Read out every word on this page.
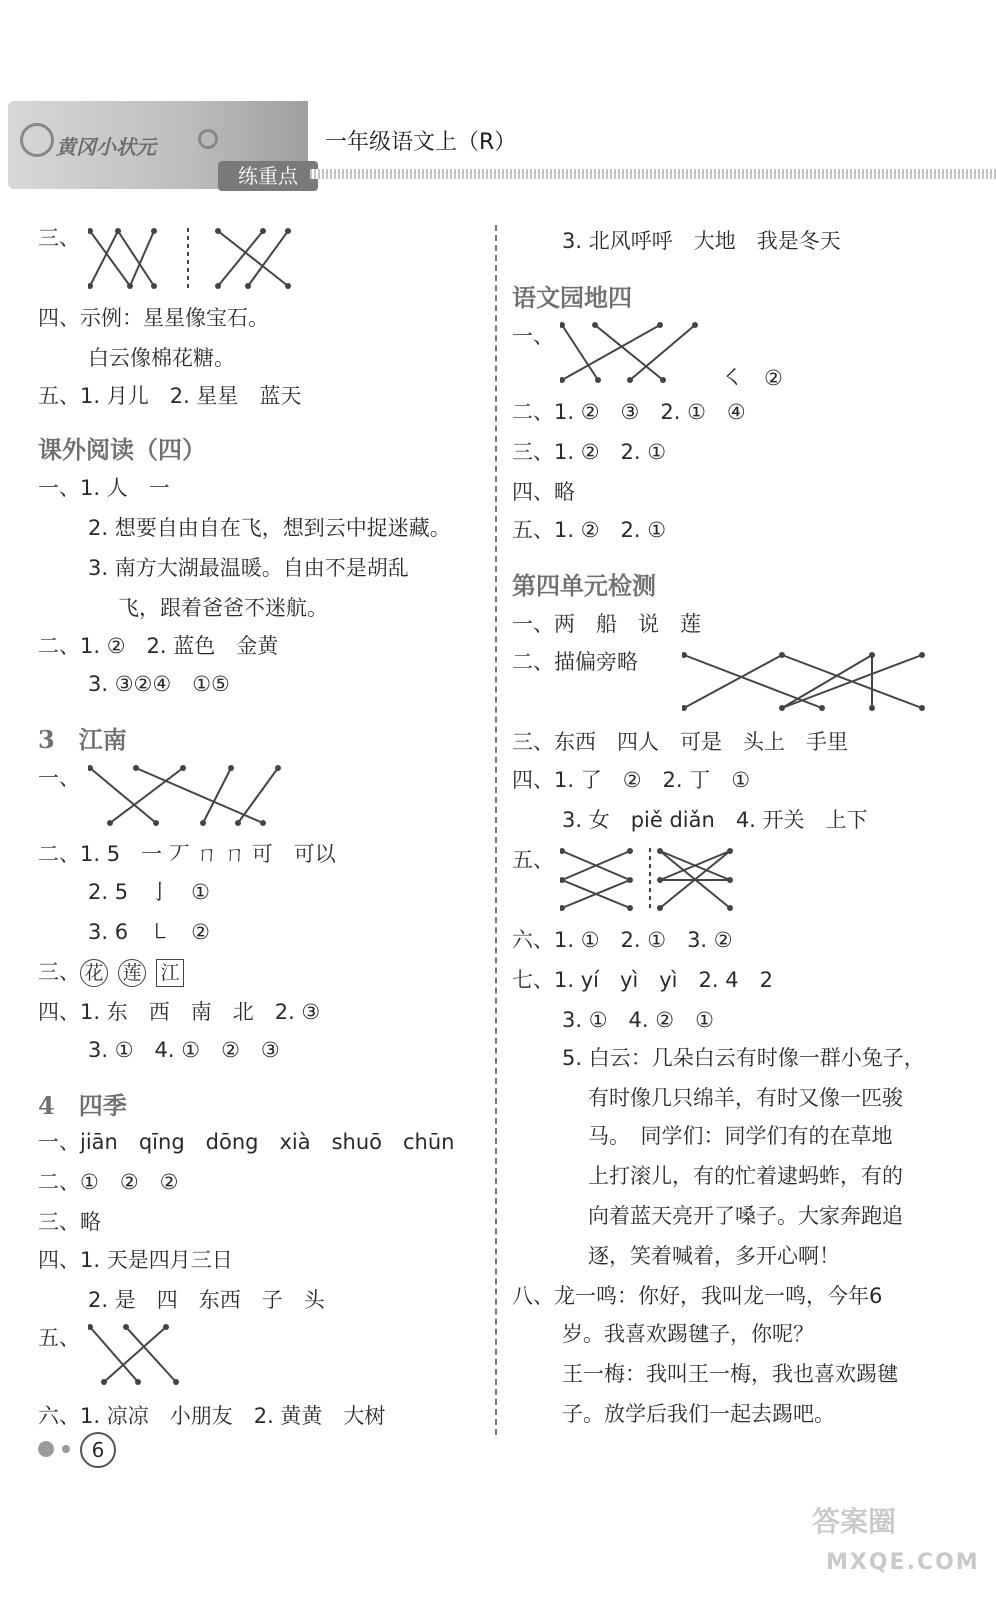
黄冈小状元
练重点
一年级语文上（R）
三、
四、示例：星星像宝石。
白云像棉花糖。
五、1. 月儿　2. 星星　蓝天
课外阅读（四）
一、1. 人　一
2. 想要自由自在飞，想到云中捉迷藏。
3. 南方大湖最温暖。自由不是胡乱
飞，跟着爸爸不迷航。
二、1. ②　2. 蓝色　金黄
3. ③②④　①⑤
3　江南
一、
二、1. 5　一 丆 ㄇ ㄇ 可　可以
2. 5　亅　①
3. 6　㇄　②
三、 花 莲 江
四、1. 东　西　南　北　2. ③
3. ①　4. ①　②　③
4　四季
一、jiān　qīng　dōng　xià　shuō　chūn
二、①　②　②
三、略
四、1. 天是四月三日
2. 是　四　东西　子　头
五、
六、1. 凉凉　小朋友　2. 黄黄　大树
3. 北风呼呼　大地　我是冬天
语文园地四
一、
㇛　②
二、1. ②　③　2. ①　④
三、1. ②　2. ①
四、略
五、1. ②　2. ①
第四单元检测
一、两　船　说　莲
二、描偏旁略
三、东西　四人　可是　头上　手里
四、1. 了　②　2. 丁　①
3. 女　piě diǎn　4. 开关　上下
五、
六、1. ①　2. ①　3. ②
七、1. yí　yì　yì　2. 4　2
3. ①　4. ②　①
5. 白云：几朵白云有时像一群小兔子，
有时像几只绵羊，有时又像一匹骏
马。　同学们：同学们有的在草地
上打滚儿，有的忙着逮蚂蚱，有的
向着蓝天亮开了嗓子。大家奔跑追
逐，笑着喊着，多开心啊！
八、龙一鸣：你好，我叫龙一鸣，今年6
岁。我喜欢踢毽子，你呢？
王一梅：我叫王一梅，我也喜欢踢毽
子。放学后我们一起去踢吧。
6
答案圈
MXQE.COM
